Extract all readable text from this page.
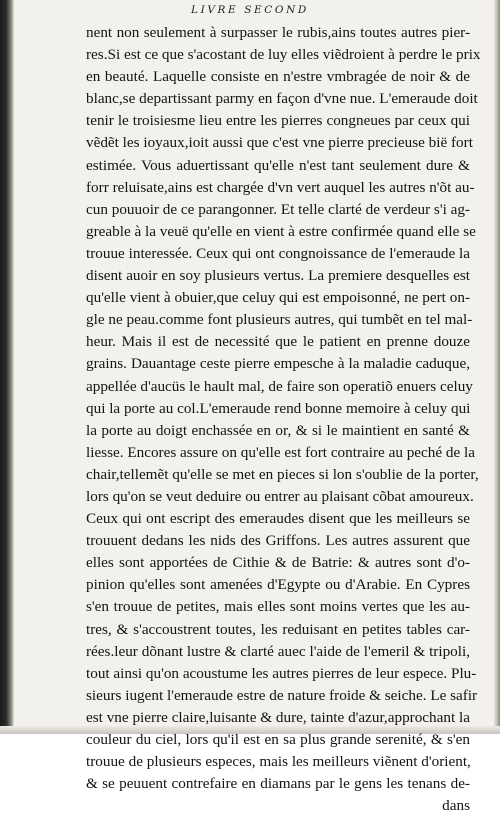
LIVRE SECOND
nent non seulement à surpasser le rubis,ains toutes autres pier-
res.Si est ce que s'acostant de luy elles viẽdroient à perdre le prix
en beauté. Laquelle consiste en n'estre vmbragée de noir & de
blanc,se departissant parmy en façon d'vne nue. L'emeraude doit
tenir le troisiesme lieu entre les pierres congneues par ceux qui
vẽdẽt les ioyaux,ioit aussi que c'est vne pierre precieuse bië fort
estimée. Vous aduertissant qu'elle n'est tant seulement dure &
forr reluisate,ains est chargée d'vn vert auquel les autres n'õt au-
cun pouuoir de ce parangonner. Et telle clarté de verdeur s'i ag-
greable à la veuë qu'elle en vient à estre confirmée quand elle se
trouue interessée. Ceux qui ont congnoissance de l'emeraude la
disent auoir en soy plusieurs vertus. La premiere desquelles est
qu'elle vient à obuier,que celuy qui est empoisonné, ne pert on-
gle ne peau.comme font plusieurs autres, qui tumbẽt en tel mal-
heur. Mais il est de necessité que le patient en prenne douze
grains. Dauantage ceste pierre empesche à la maladie caduque,
appellée d'aucüs le hault mal, de faire son operatiõ enuers celuy
qui la porte au col.L'emeraude rend bonne memoire à celuy qui
la porte au doigt enchassée en or, & si le maintient en santé &
liesse. Encores assure on qu'elle est fort contraire au peché de la
chair,tellemẽt qu'elle se met en pieces si lon s'oublie de la porter,
lors qu'on se veut deduire ou entrer au plaisant cõbat amoureux.
Ceux qui ont escript des emeraudes disent que les meilleurs se
trouuent dedans les nids des Griffons. Les autres assurent que
elles sont apportées de Cithie & de Batrie: & autres sont d'o-
pinion qu'elles sont amenées d'Egypte ou d'Arabie. En Cypres
s'en trouue de petites, mais elles sont moins vertes que les au-
tres, & s'accoustrent toutes, les reduisant en petites tables car-
rées.leur dõnant lustre & clarté auec l'aide de l'emeril & tripoli,
tout ainsi qu'on acoustume les autres pierres de leur espece. Plu-
sieurs iugent l'emeraude estre de nature froide & seiche. Le safir
est vne pierre claire,luisante & dure, tainte d'azur,approchant la
couleur du ciel, lors qu'il est en sa plus grande serenité, & s'en
trouue de plusieurs especes, mais les meilleurs viẽnent d'orient,
& se peuuent contrefaire en diamans par le gens les tenans de-
dans
